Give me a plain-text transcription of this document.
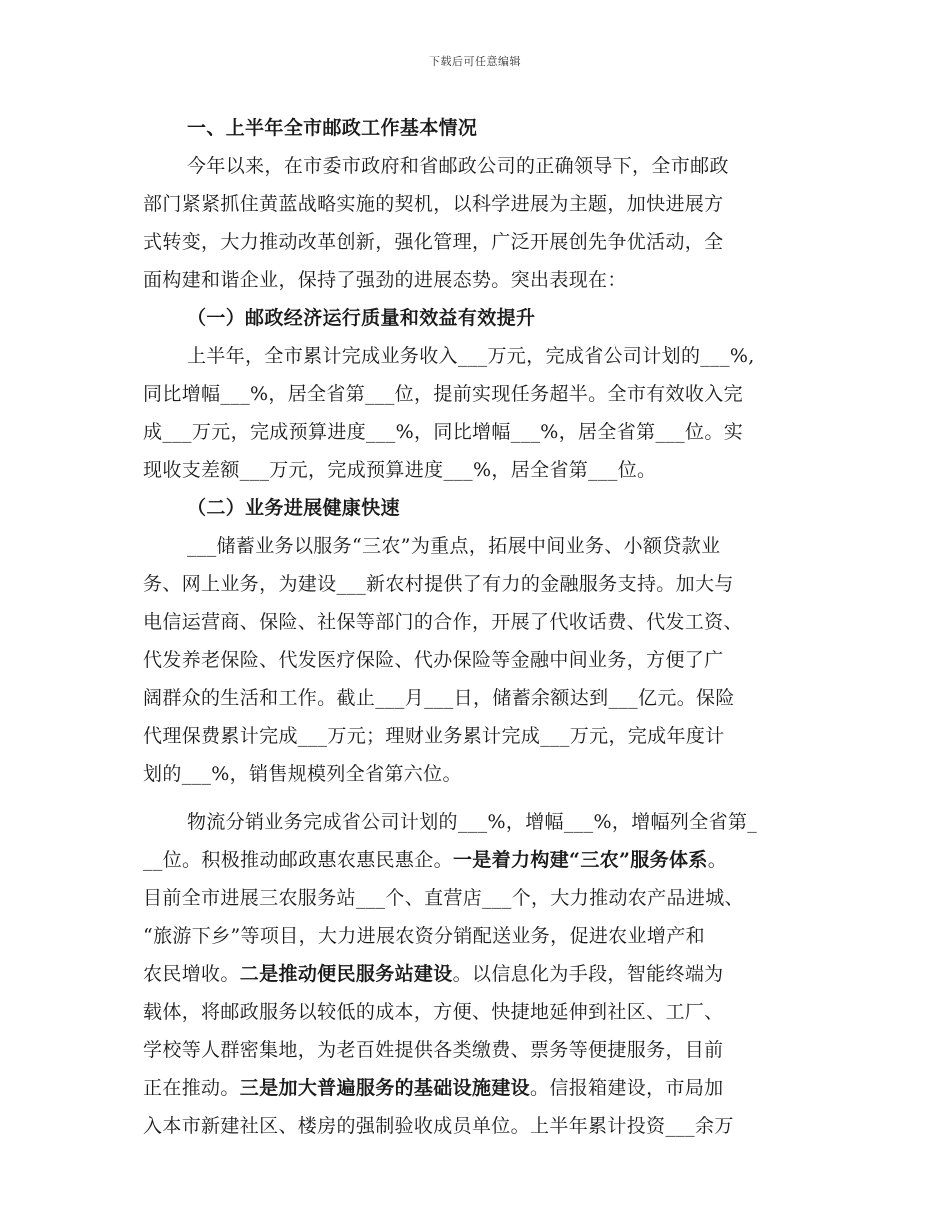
下载后可任意编辑
一、上半年全市邮政工作基本情况
今年以来，在市委市政府和省邮政公司的正确领导下，全市邮政
部门紧紧抓住黄蓝战略实施的契机，以科学进展为主题，加快进展方
式转变，大力推动改革创新，强化管理，广泛开展创先争优活动，全
面构建和谐企业，保持了强劲的进展态势。突出表现在：
（一）邮政经济运行质量和效益有效提升
上半年，全市累计完成业务收入___万元，完成省公司计划的___%,
同比增幅___%，居全省第___位，提前实现任务超半。全市有效收入完
成___万元，完成预算进度___%，同比增幅___%，居全省第___位。实
现收支差额___万元，完成预算进度___%，居全省第___位。
（二）业务进展健康快速
___储蓄业务以服务“三农”为重点，拓展中间业务、小额贷款业
务、网上业务，为建设___新农村提供了有力的金融服务支持。加大与
电信运营商、保险、社保等部门的合作，开展了代收话费、代发工资、
代发养老保险、代发医疗保险、代办保险等金融中间业务，方便了广
阔群众的生活和工作。截止___月___日，储蓄余额达到___亿元。保险
代理保费累计完成___万元；理财业务累计完成___万元，完成年度计
划的___%，销售规模列全省第六位。
物流分销业务完成省公司计划的___%，增幅___%，增幅列全省第_
__位。积极推动邮政惠农惠民惠企。一是着力构建“三农”服务体系。
目前全市进展三农服务站___个、直营店___个，大力推动农产品进城、
“旅游下乡”等项目，大力进展农资分销配送业务，促进农业增产和
农民增收。二是推动便民服务站建设。以信息化为手段，智能终端为
载体，将邮政服务以较低的成本，方便、快捷地延伸到社区、工厂、
学校等人群密集地，为老百姓提供各类缴费、票务等便捷服务，目前
正在推动。三是加大普遍服务的基础设施建设。信报箱建设，市局加
入本市新建社区、楼房的强制验收成员单位。上半年累计投资___余万
